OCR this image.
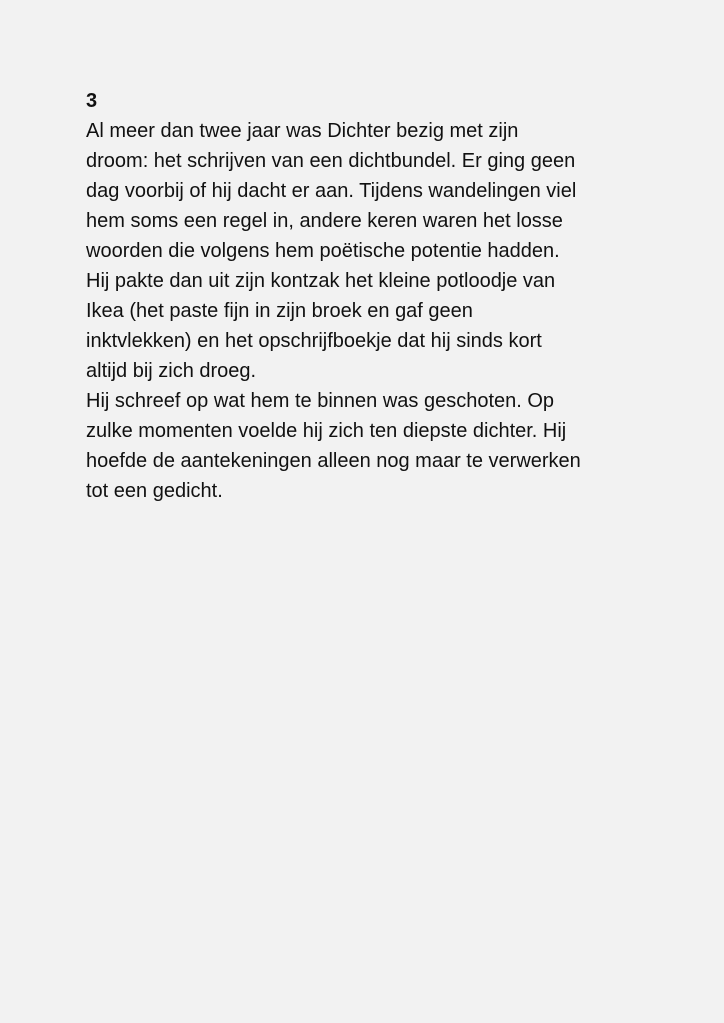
3
Al meer dan twee jaar was Dichter bezig met zijn
droom: het schrijven van een dichtbundel. Er ging geen
dag voorbij of hij dacht er aan. Tijdens wandelingen viel
hem soms een regel in, andere keren waren het losse
woorden die volgens hem poëtische potentie hadden.
Hij pakte dan uit zijn kontzak het kleine potloodje van
Ikea (het paste fijn in zijn broek en gaf geen
inktvlekken) en het opschrijfboekje dat hij sinds kort
altijd bij zich droeg.
Hij schreef op wat hem te binnen was geschoten. Op
zulke momenten voelde hij zich ten diepste dichter. Hij
hoefde de aantekeningen alleen nog maar te verwerken
tot een gedicht.
